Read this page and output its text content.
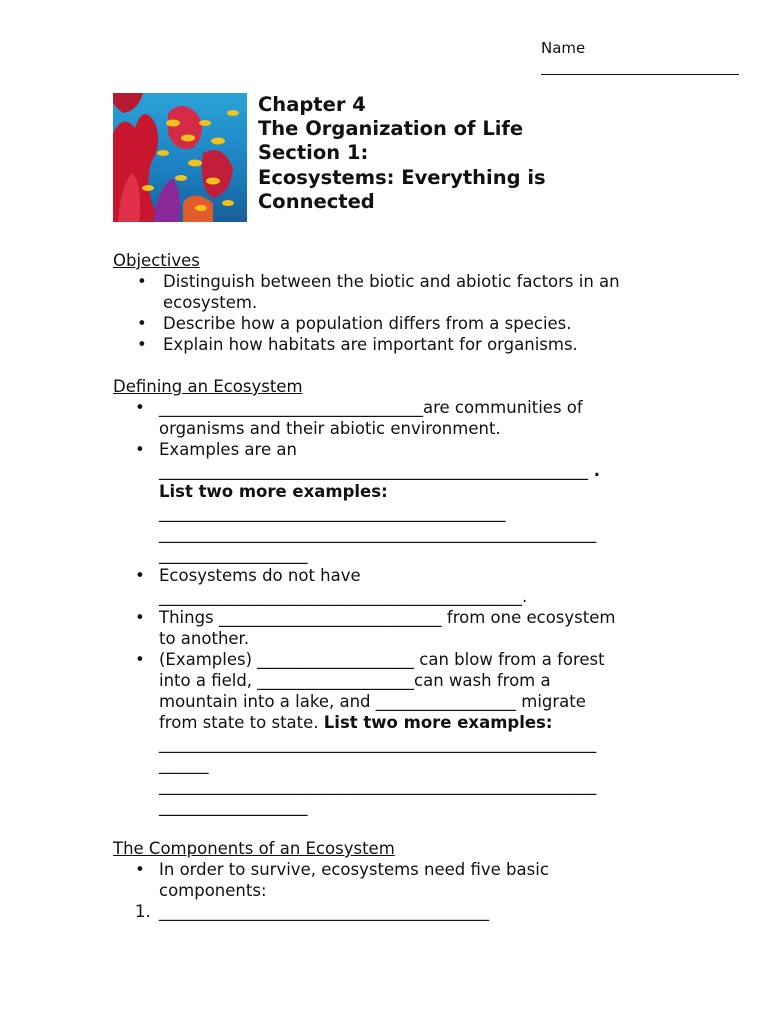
Name
Chapter 4
The Organization of Life
Section 1:
Ecosystems: Everything is
Connected
Objectives
• Distinguish between the biotic and abiotic factors in an
ecosystem.
• Describe how a population differs from a species.
• Explain how habitats are important for organisms.
Defining an Ecosystem
• ________________________________are communities of
organisms and their abiotic environment.
• Examples are an
____________________________________________________ .
List two more examples:
__________________________________________
_____________________________________________________
__________________
• Ecosystems do not have
____________________________________________.
• Things ___________________________ from one ecosystem
to another.
• (Examples) ___________________ can blow from a forest
into a field, ___________________can wash from a
mountain into a lake, and _________________ migrate
from state to state. List two more examples:
_____________________________________________________
______
_____________________________________________________
__________________
The Components of an Ecosystem
• In order to survive, ecosystems need five basic
components:
1. ________________________________________
